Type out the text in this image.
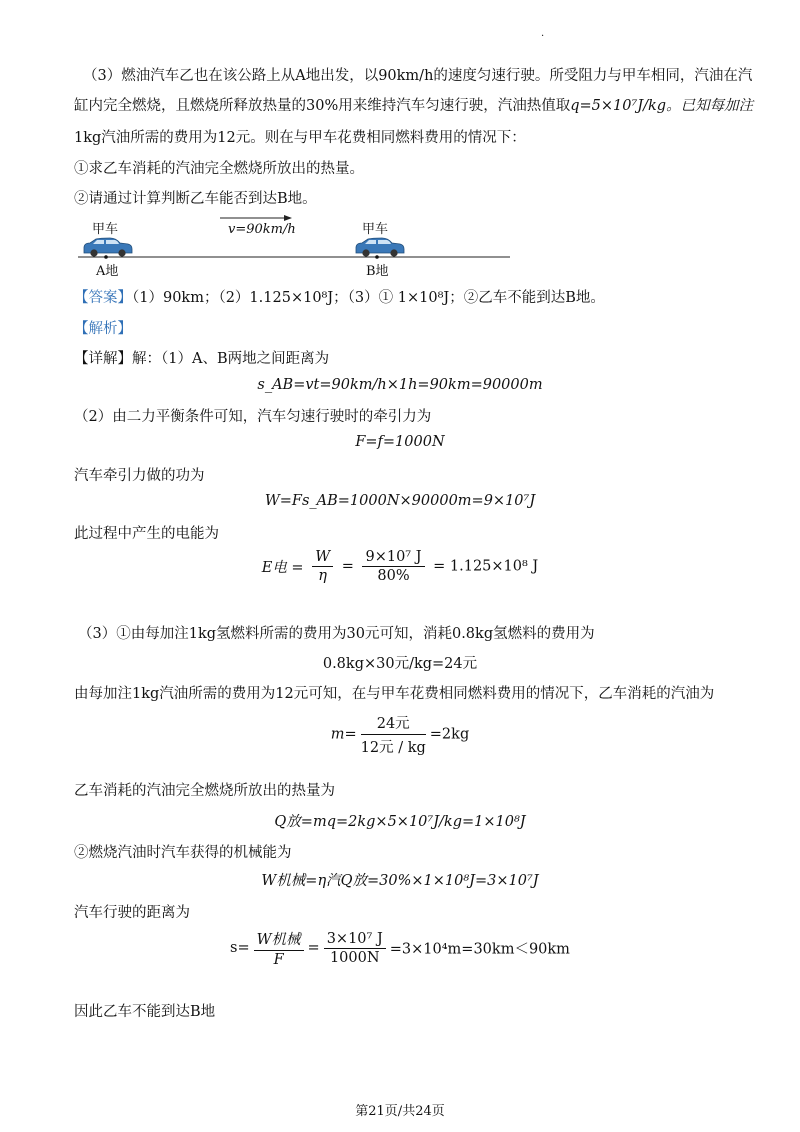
.
（3）燃油汽车乙也在该公路上从A地出发，以90km/h的速度匀速行驶。所受阻力与甲车相同，汽油在汽
缸内完全燃烧，且燃烧所释放热量的30%用来维持汽车匀速行驶，汽油热值取q=5×10⁷J/kg。已知每加注
1kg汽油所需的费用为12元。则在与甲车花费相同燃料费用的情况下：
①求乙车消耗的汽油完全燃烧所放出的热量。
②请通过计算判断乙车能否到达B地。
甲车	甲车
v=90km/h
A地	B地
【答案】（1）90km；（2）1.125×10⁸J；（3）① 1×10⁸J；②乙车不能到达B地。
【解析】
【详解】解：（1）A、B两地之间距离为
s_AB=vt=90km/h×1h=90km=90000m
（2）由二力平衡条件可知，汽车匀速行驶时的牵引力为
F=f=1000N
汽车牵引力做的功为
W=Fs_AB=1000N×90000m=9×10⁷J
此过程中产生的电能为
E电 = $\frac{W}{\eta} = \frac{\text{9×10⁷ J}}{80\%} = 1.125\times 10^8$ J
（3）①由每加注1kg氢燃料所需的费用为30元可知，消耗0.8kg氢燃料的费用为
0.8kg×30元/kg=24元
由每加注1kg汽油所需的费用为12元可知，在与甲车花费相同燃料费用的情况下，乙车消耗的汽油为
$m= \frac{\text{24元}}{\text{12元 / kg}} =2kg$
乙车消耗的汽油完全燃烧所放出的热量为
Q放=mq=2kg×5×10⁷J/kg=1×10⁸J
②燃烧汽油时汽车获得的机械能为
W机械=η汽Q放=30%×1×10⁸J=3×10⁷J
汽车行驶的距离为
$s= \frac{\text{W机械}}{F} = \frac{\text{3×10⁷ J}}{1000N} =3\times 10^4m=30km<90km$
因此乙车不能到达B地
第21页/共24页
